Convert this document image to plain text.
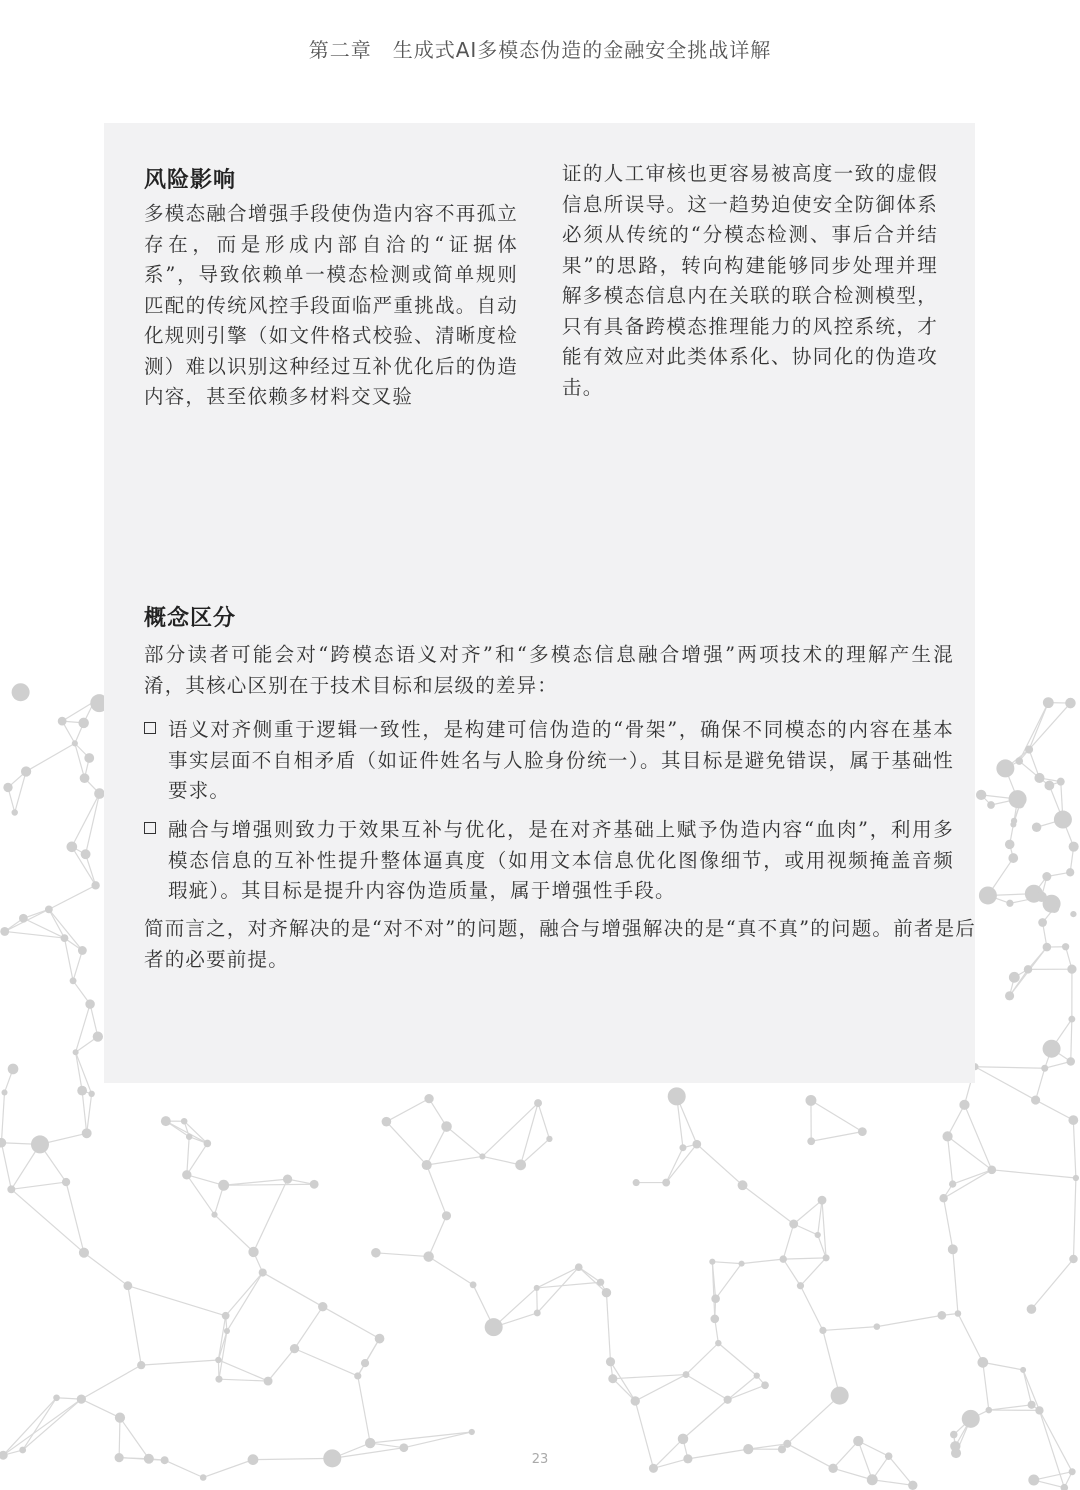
第二章　生成式AI多模态伪造的金融安全挑战详解
风险影响
多模态融合增强手段使伪造内容不再孤立存在，而是形成内部自洽的“证据体系”，导致依赖单一模态检测或简单规则匹配的传统风控手段面临严重挑战。自动化规则引擎（如文件格式校验、清晰度检测）难以识别这种经过互补优化后的伪造内容，甚至依赖多材料交叉验
证的人工审核也更容易被高度一致的虚假信息所误导。这一趋势迫使安全防御体系必须从传统的“分模态检测、事后合并结果”的思路，转向构建能够同步处理并理解多模态信息内在关联的联合检测模型，只有具备跨模态推理能力的风控系统，才能有效应对此类体系化、协同化的伪造攻击。
概念区分
部分读者可能会对“跨模态语义对齐”和“多模态信息融合增强”两项技术的理解产生混淆，其核心区别在于技术目标和层级的差异：
语义对齐侧重于逻辑一致性，是构建可信伪造的“骨架”，确保不同模态的内容在基本事实层面不自相矛盾（如证件姓名与人脸身份统一）。其目标是避免错误，属于基础性要求。
融合与增强则致力于效果互补与优化，是在对齐基础上赋予伪造内容“血肉”，利用多模态信息的互补性提升整体逼真度（如用文本信息优化图像细节，或用视频掩盖音频瑕疵）。其目标是提升内容伪造质量，属于增强性手段。
简而言之，对齐解决的是“对不对”的问题，融合与增强解决的是“真不真”的问题。前者是后者的必要前提。
23
